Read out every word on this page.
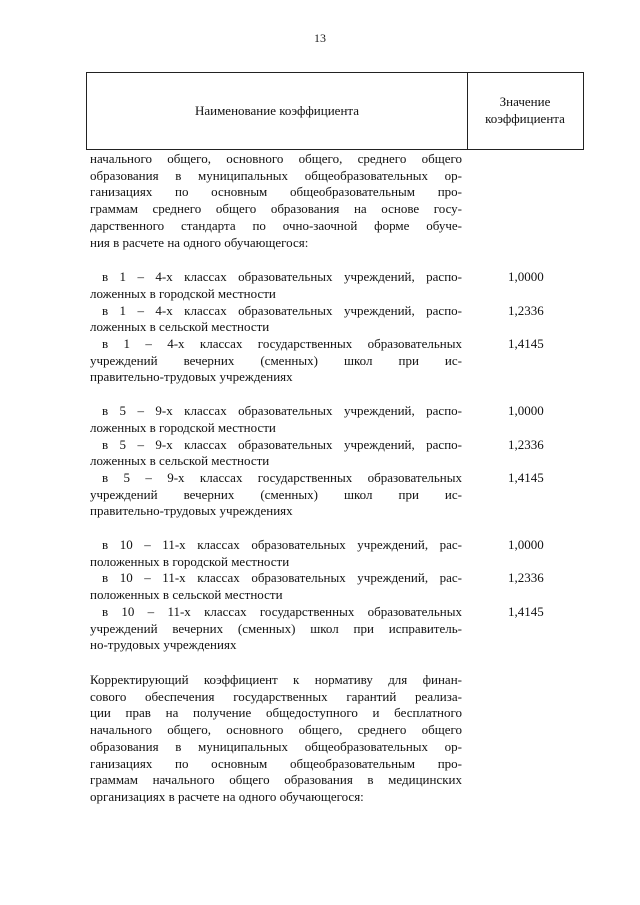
13
Наименование коэффициента
Значение
коэффициента
начального общего, основного общего, среднего общего
образования в муниципальных общеобразовательных ор-
ганизациях по основным общеобразовательным про-
граммам среднего общего образования на основе госу-
дарственного стандарта по очно-заочной форме обуче-
ния в расчете на одного обучающегося:
в 1 – 4-х классах образовательных учреждений, распо-
ложенных в городской местности
1,0000
в 1 – 4-х классах образовательных учреждений, распо-
ложенных в сельской местности
1,2336
в 1 – 4-х классах государственных образовательных
учреждений вечерних (сменных) школ при ис-
правительно-трудовых учреждениях
1,4145
в 5 – 9-х классах образовательных учреждений, распо-
ложенных в городской местности
1,0000
в 5 – 9-х классах образовательных учреждений, распо-
ложенных в сельской местности
1,2336
в 5 – 9-х классах государственных образовательных
учреждений вечерних (сменных) школ при ис-
правительно-трудовых учреждениях
1,4145
в 10 – 11-х классах образовательных учреждений, рас-
положенных в городской местности
1,0000
в 10 – 11-х классах образовательных учреждений, рас-
положенных в сельской местности
1,2336
в 10 – 11-х классах государственных образовательных
учреждений вечерних (сменных) школ при исправитель-
но-трудовых учреждениях
1,4145
Корректирующий коэффициент к нормативу для финан-
сового обеспечения государственных гарантий реализа-
ции прав на получение общедоступного и бесплатного
начального общего, основного общего, среднего общего
образования в муниципальных общеобразовательных ор-
ганизациях по основным общеобразовательным про-
граммам начального общего образования в медицинских
организациях в расчете на одного обучающегося:
